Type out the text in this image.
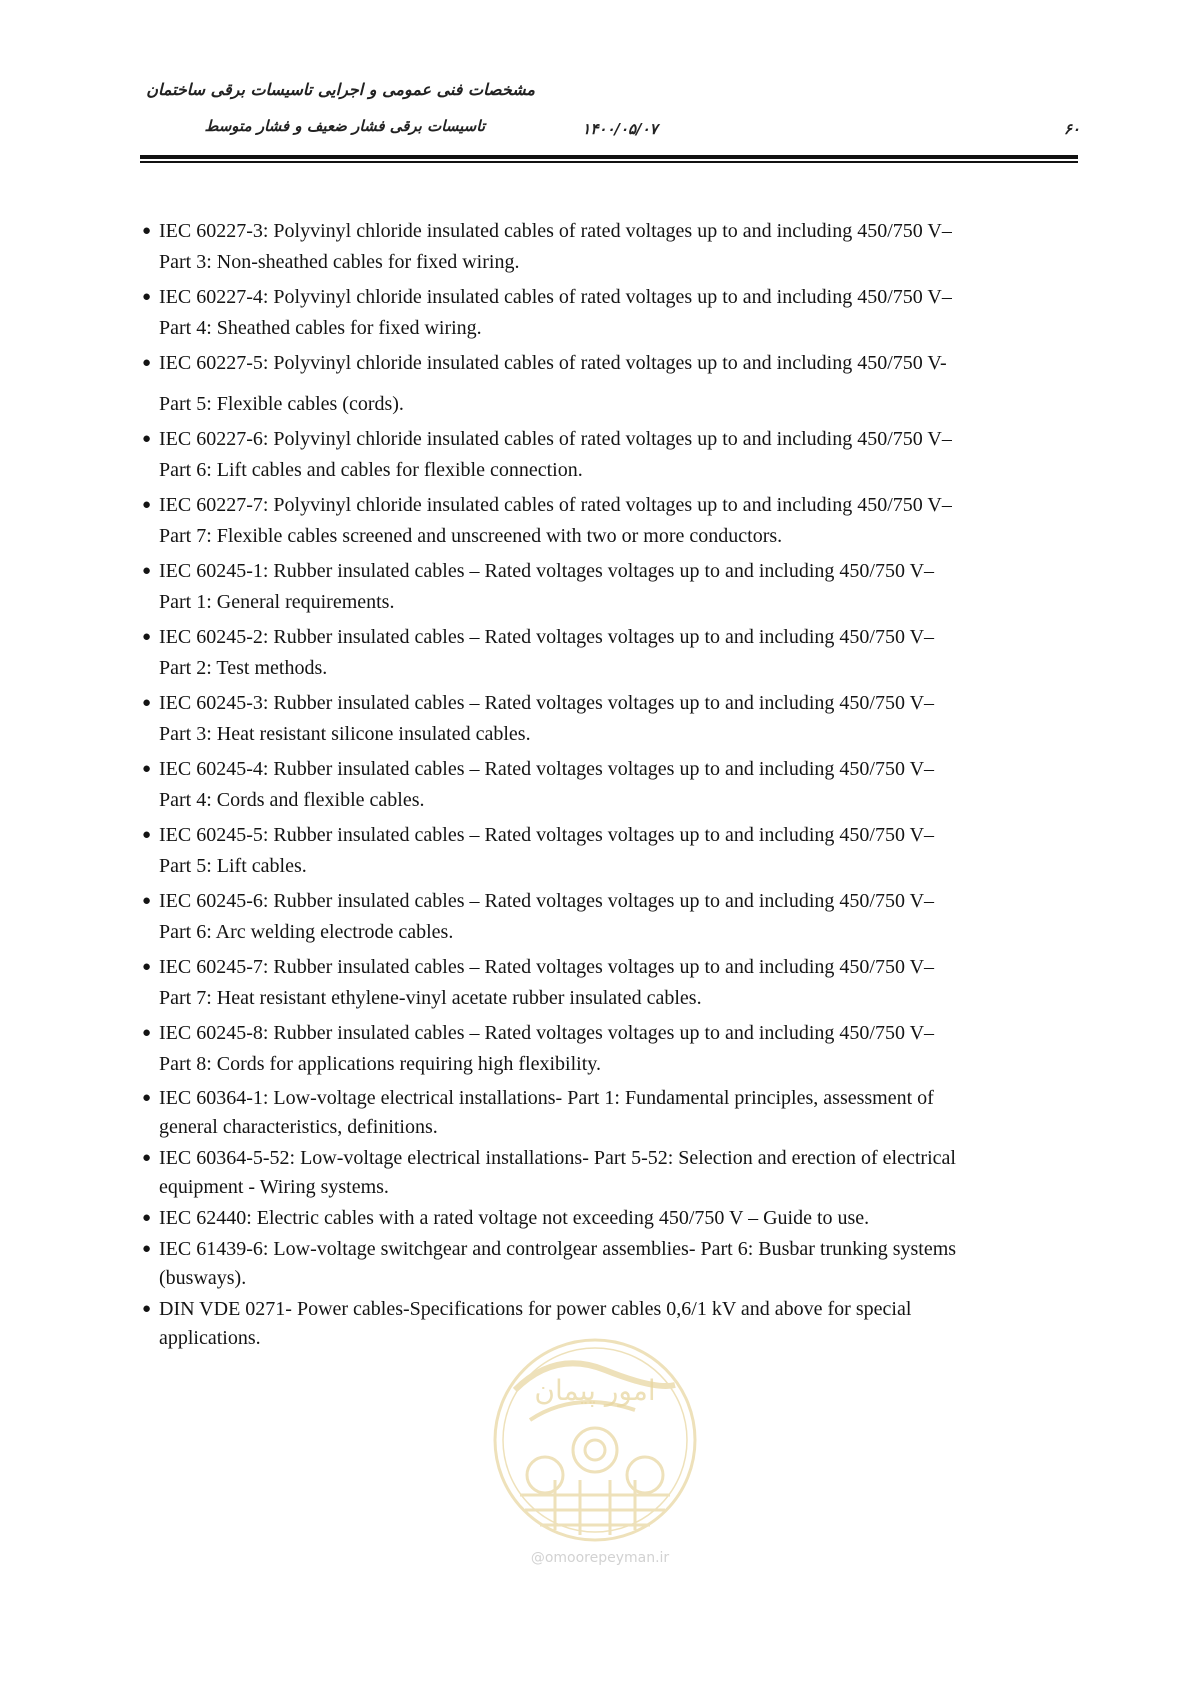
مشخصات فنی عمومی و اجرایی تاسیسات برقی ساختمان
تاسیسات برقی فشار ضعیف و فشار متوسط	۱۴۰۰/۰۵/۰۷	۶۰
● IEC 60227-3: Polyvinyl chloride insulated cables of rated voltages up to and including 450/750 V–
Part 3: Non-sheathed cables for fixed wiring.
● IEC 60227-4: Polyvinyl chloride insulated cables of rated voltages up to and including 450/750 V–
Part 4: Sheathed cables for fixed wiring.
● IEC 60227-5: Polyvinyl chloride insulated cables of rated voltages up to and including 450/750 V-
Part 5: Flexible cables (cords).
● IEC 60227-6: Polyvinyl chloride insulated cables of rated voltages up to and including 450/750 V–
Part 6: Lift cables and cables for flexible connection.
● IEC 60227-7: Polyvinyl chloride insulated cables of rated voltages up to and including 450/750 V–
Part 7: Flexible cables screened and unscreened with two or more conductors.
● IEC 60245-1: Rubber insulated cables – Rated voltages voltages up to and including 450/750 V–
Part 1: General requirements.
● IEC 60245-2: Rubber insulated cables – Rated voltages voltages up to and including 450/750 V–
Part 2: Test methods.
● IEC 60245-3: Rubber insulated cables – Rated voltages voltages up to and including 450/750 V–
Part 3: Heat resistant silicone insulated cables.
● IEC 60245-4: Rubber insulated cables – Rated voltages voltages up to and including 450/750 V–
Part 4: Cords and flexible cables.
● IEC 60245-5: Rubber insulated cables – Rated voltages voltages up to and including 450/750 V–
Part 5: Lift cables.
● IEC 60245-6: Rubber insulated cables – Rated voltages voltages up to and including 450/750 V–
Part 6: Arc welding electrode cables.
● IEC 60245-7: Rubber insulated cables – Rated voltages voltages up to and including 450/750 V–
Part 7: Heat resistant ethylene-vinyl acetate rubber insulated cables.
● IEC 60245-8: Rubber insulated cables – Rated voltages voltages up to and including 450/750 V–
Part 8: Cords for applications requiring high flexibility.
● IEC 60364-1: Low-voltage electrical installations- Part 1: Fundamental principles, assessment of
general characteristics, definitions.
● IEC 60364-5-52: Low-voltage electrical installations- Part 5-52: Selection and erection of electrical
equipment - Wiring systems.
● IEC 62440: Electric cables with a rated voltage not exceeding 450/750 V – Guide to use.
● IEC 61439-6: Low-voltage switchgear and controlgear assemblies- Part 6: Busbar trunking systems
(busways).
● DIN VDE 0271- Power cables-Specifications for power cables 0,6/1 kV and above for special
applications.
امور پیمان
@omoorepeyman.ir
